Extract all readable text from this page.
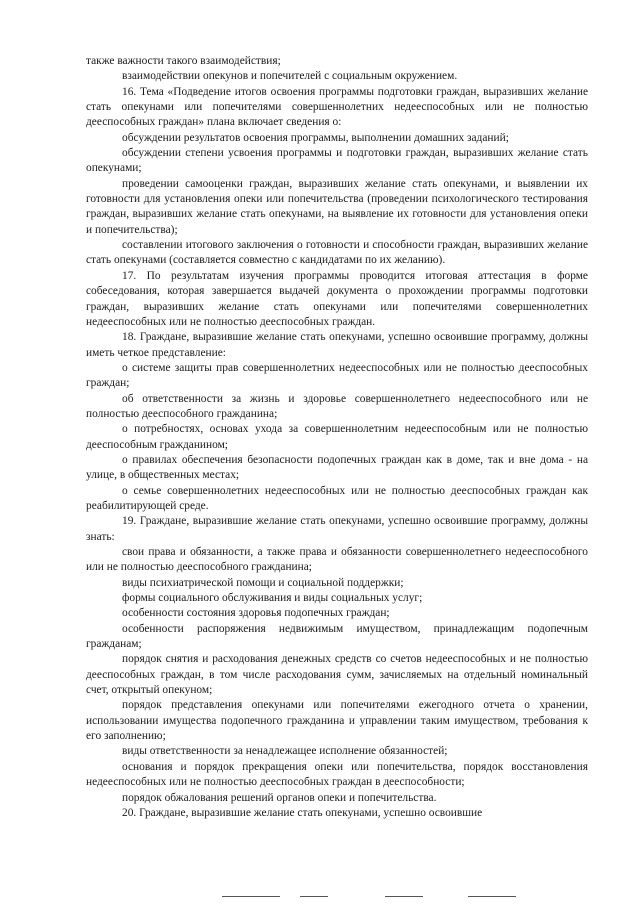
также важности такого взаимодействия;

взаимодействии опекунов и попечителей с социальным окружением.

16. Тема «Подведение итогов освоения программы подготовки граждан, выразивших желание стать опекунами или попечителями совершеннолетних недееспособных или не полностью дееспособных граждан» плана включает сведения о:

обсуждении результатов освоения программы, выполнении домашних заданий;

обсуждении степени усвоения программы и подготовки граждан, выразивших желание стать опекунами;

проведении самооценки граждан, выразивших желание стать опекунами, и выявлении их готовности для установления опеки или попечительства (проведении психологического тестирования граждан, выразивших желание стать опекунами, на выявление их готовности для установления опеки и попечительства);

составлении итогового заключения о готовности и способности граждан, выразивших желание стать опекунами (составляется совместно с кандидатами по их желанию).

17. По результатам изучения программы проводится итоговая аттестация в форме собеседования, которая завершается выдачей документа о прохождении программы подготовки граждан, выразивших желание стать опекунами или попечителями совершеннолетних недееспособных или не полностью дееспособных граждан.

18. Граждане, выразившие желание стать опекунами, успешно освоившие программу, должны иметь четкое представление:

о системе защиты прав совершеннолетних недееспособных или не полностью дееспособных граждан;

об ответственности за жизнь и здоровье совершеннолетнего недееспособного или не полностью дееспособного гражданина;

о потребностях, основах ухода за совершеннолетним недееспособным или не полностью дееспособным гражданином;

о правилах обеспечения безопасности подопечных граждан как в доме, так и вне дома - на улице, в общественных местах;

о семье совершеннолетних недееспособных или не полностью дееспособных граждан как реабилитирующей среде.

19. Граждане, выразившие желание стать опекунами, успешно освоившие программу, должны знать:

свои права и обязанности, а также права и обязанности совершеннолетнего недееспособного или не полностью дееспособного гражданина;

виды психиатрической помощи и социальной поддержки;

формы социального обслуживания и виды социальных услуг;

особенности состояния здоровья подопечных граждан;

особенности распоряжения недвижимым имуществом, принадлежащим подопечным гражданам;

порядок снятия и расходования денежных средств со счетов недееспособных и не полностью дееспособных граждан, в том числе расходования сумм, зачисляемых на отдельный номинальный счет, открытый опекуном;

порядок представления опекунами или попечителями ежегодного отчета о хранении, использовании имущества подопечного гражданина и управлении таким имуществом, требования к его заполнению;

виды ответственности за ненадлежащее исполнение обязанностей;

основания и порядок прекращения опеки или попечительства, порядок восстановления недееспособных или не полностью дееспособных граждан в дееспособности;

порядок обжалования решений органов опеки и попечительства.

20. Граждане, выразившие желание стать опекунами, успешно освоившие
